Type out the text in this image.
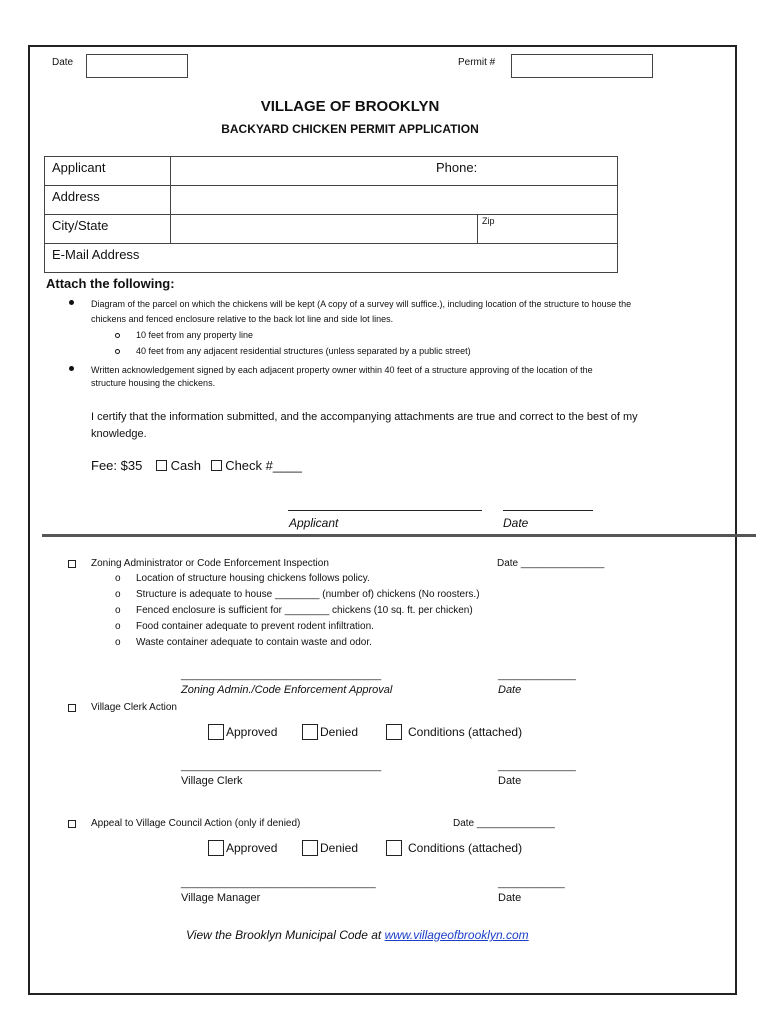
Date	Permit #
VILLAGE OF BROOKLYN
BACKYARD CHICKEN PERMIT APPLICATION
Applicant	Phone:
Address
City/State	Zip
E-Mail Address
Attach the following:
Diagram of the parcel on which the chickens will be kept (A copy of a survey will suffice.), including location of the structure to house the
chickens and fenced enclosure relative to the back lot line and side lot lines.
10 feet from any property line
40 feet from any adjacent residential structures (unless separated by a public street)
Written acknowledgement signed by each adjacent property owner within 40 feet of a structure approving of the location of the
structure housing the chickens.
I certify that the information submitted, and the accompanying attachments are true and correct to the best of my
knowledge.
Fee: $35 Cash Check #____
Applicant	Date
Zoning Administrator or Code Enforcement Inspection	Date _______________
o Location of structure housing chickens follows policy.
o Structure is adequate to house ________ (number of) chickens (No roosters.)
o Fenced enclosure is sufficient for ________ chickens (10 sq. ft. per chicken)
o Food container adequate to prevent rodent infiltration.
o Waste container adequate to contain waste and odor.
____________________________________	______________
Zoning Admin./Code Enforcement Approval	Date
Village Clerk Action
Approved	Denied	Conditions (attached)
____________________________________	______________
Village Clerk	Date
Appeal to Village Council Action (only if denied)	Date ______________
Approved	Denied	Conditions (attached)
___________________________________	____________
Village Manager	Date
View the Brooklyn Municipal Code at www.villageofbrooklyn.com
